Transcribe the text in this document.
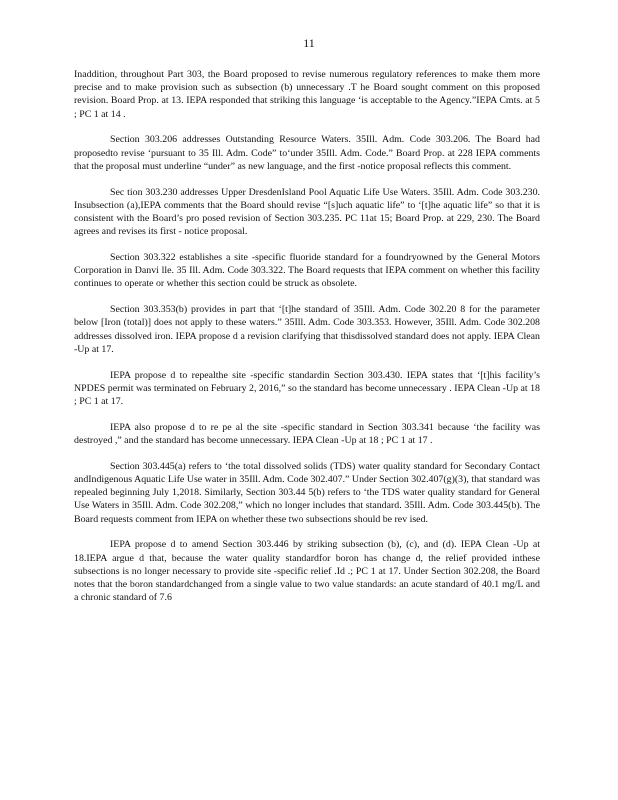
11

Inaddition, throughout Part 303, the Board proposed to revise numerous regulatory references to make them more precise and to make provision such as subsection (b) unnecessary .T he Board sought comment on this proposed revision. Board Prop. at 13. IEPA responded that striking this language ‘is acceptable to the Agency.”IEPA Cmts. at 5 ; PC 1 at 14 .

Section 303.206 addresses Outstanding Resource Waters. 35Ill. Adm. Code 303.206. The Board had proposedto revise ‘pursuant to 35 Ill. Adm. Code” to‘under 35Ill. Adm. Code.” Board Prop. at 228 IEPA comments that the proposal must underline “under” as new language, and the first -notice proposal reflects this comment.

Sec tion 303.230 addresses Upper DresdenIsland Pool Aquatic Life Use Waters. 35Ill. Adm. Code 303.230. Insubsection (a),IEPA comments that the Board should revise “[s]uch aquatic life” to ‘[t]he aquatic life” so that it is consistent with the Board’s pro posed revision of Section 303.235. PC 11at 15; Board Prop. at 229, 230. The Board agrees and revises its first - notice proposal.

Section 303.322 establishes a site -specific fluoride standard for a foundryowned by the General Motors Corporation in Danvi lle. 35 Ill. Adm. Code 303.322. The Board requests that IEPA comment on whether this facility continues to operate or whether this section could be struck as obsolete.

Section 303.353(b) provides in part that ‘[t]he standard of 35Ill. Adm. Code 302.20 8 for the parameter below [Iron (total)] does not apply to these waters.” 35Ill. Adm. Code 303.353. However, 35Ill. Adm. Code 302.208 addresses dissolved iron. IEPA propose d a revision clarifying that thisdissolved standard does not apply. IEPA Clean -Up at 17.

IEPA propose d to repealthe site -specific standardin Section 303.430. IEPA states that ‘[t]his facility’s NPDES permit was terminated on February 2, 2016,” so the standard has become unnecessary . IEPA Clean -Up at 18 ; PC 1 at 17.

IEPA also propose d to re pe al the site -specific standard in Section 303.341 because ‘the facility was destroyed ,” and the standard has become unnecessary. IEPA Clean -Up at 18 ; PC 1 at 17 .

Section 303.445(a) refers to ‘the total dissolved solids (TDS) water quality standard for Secondary Contact andIndigenous Aquatic Life Use water in 35Ill. Adm. Code 302.407.” Under Section 302.407(g)(3), that standard was repealed beginning July 1,2018. Similarly, Section 303.44 5(b) refers to ‘the TDS water quality standard for General Use Waters in 35Ill. Adm. Code 302.208,” which no longer includes that standard. 35Ill. Adm. Code 303.445(b). The Board requests comment from IEPA on whether these two subsections should be rev ised.

IEPA propose d to amend Section 303.446 by striking subsection (b), (c), and (d). IEPA Clean -Up at 18.IEPA argue d that, because the water quality standardfor boron has change d, the relief provided inthese subsections is no longer necessary to provide site -specific relief .Id .; PC 1 at 17. Under Section 302.208, the Board notes that the boron standardchanged from a single value to two value standards: an acute standard of 40.1 mg/L and a chronic standard of 7.6
